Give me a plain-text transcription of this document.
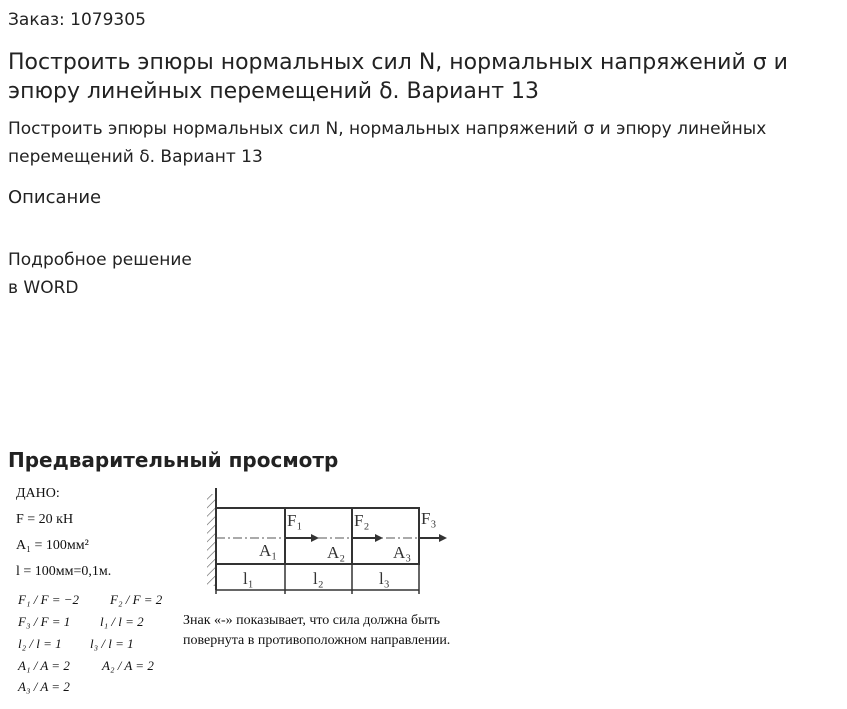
Заказ: 1079305
Построить эпюры нормальных сил N, нормальных напряжений σ и эпюру линейных перемещений δ. Вариант 13
Построить эпюры нормальных сил N, нормальных напряжений σ и эпюру линейных перемещений δ. Вариант 13
Описание
Подробное решение
в WORD
Предварительный просмотр
ДАНО:
F = 20 кН
A₁ = 100мм²
l = 100мм=0,1м.
F₁ / F = −2 F₂ / F = 2
F₃ / F = 1 l₁ / l = 2
l₂ / l = 1 l₃ / l = 1
A₁ / A = 2 A₂ / A = 2
A₃ / A = 2
F₁	F₂	F₃
A₁	A₂	A₃
l₁	l₂	l₃
Знак «-» показывает, что сила должна быть
повернута в противоположном направлении.
